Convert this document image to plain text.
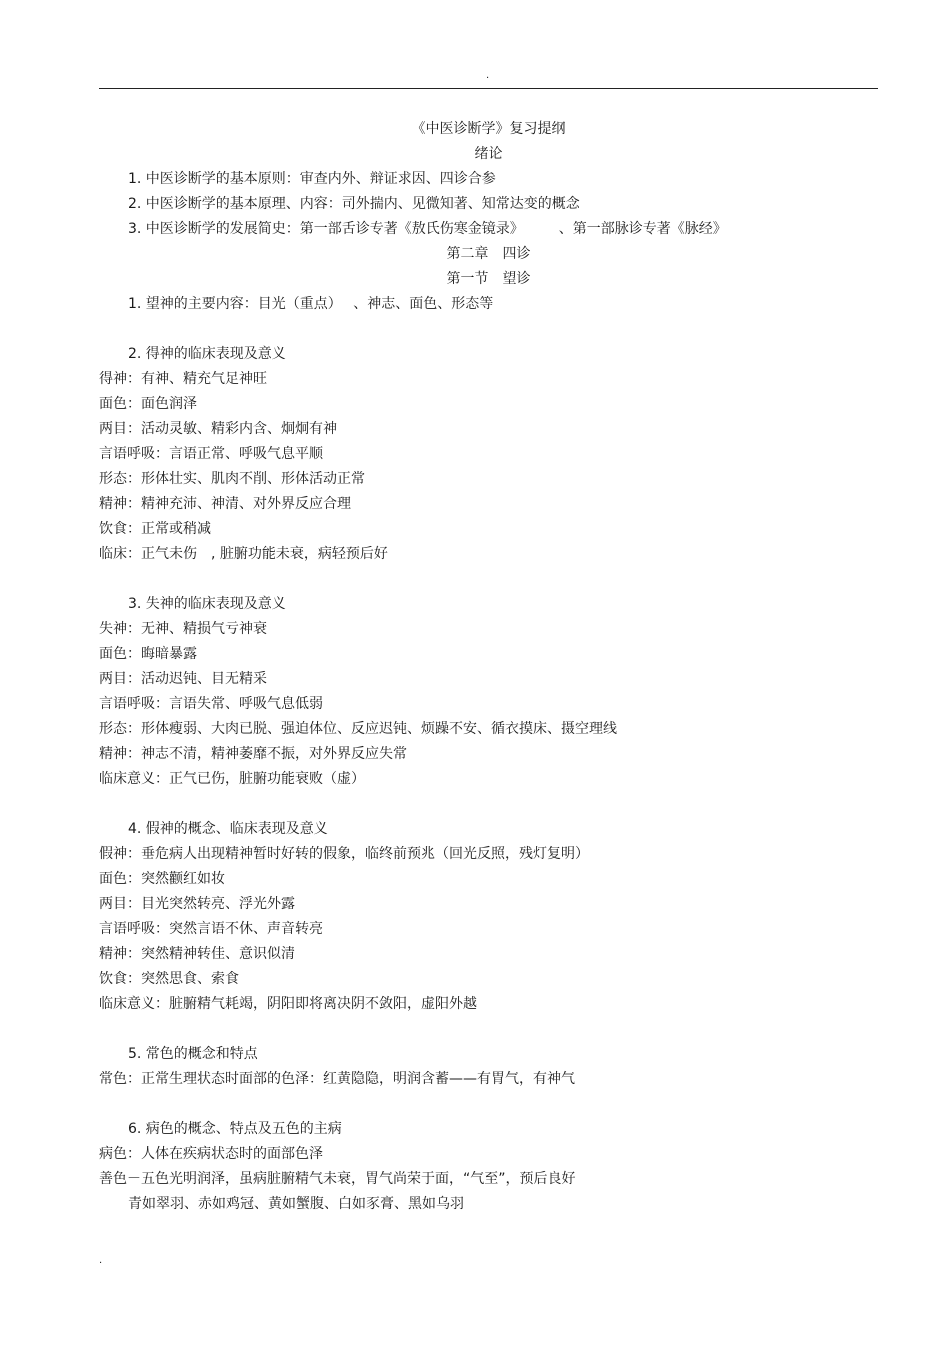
.
《中医诊断学》复习提纲
绪论
1. 中医诊断学的基本原则：审查内外、辩证求因、四诊合参
2. 中医诊断学的基本原理、内容：司外揣内、见微知著、知常达变的概念
3. 中医诊断学的发展简史：第一部舌诊专著《敖氏伤寒金镜录》　　　、第一部脉诊专著《脉经》
第二章　四诊
第一节　望诊
1. 望神的主要内容：目光（重点）　 、神志、面色、形态等
2. 得神的临床表现及意义
得神：有神、精充气足神旺
面色：面色润泽
两目：活动灵敏、精彩内含、炯炯有神
言语呼吸：言语正常、呼吸气息平顺
形态：形体壮实、肌肉不削、形体活动正常
精神：精神充沛、神清、对外界反应合理
饮食：正常或稍减
临床：正气未伤　, 脏腑功能未衰，病轻预后好
3. 失神的临床表现及意义
失神：无神、精损气亏神衰
面色：晦暗暴露
两目：活动迟钝、目无精采
言语呼吸：言语失常、呼吸气息低弱
形态：形体瘦弱、大肉已脱、强迫体位、反应迟钝、烦躁不安、循衣摸床、摄空理线
精神：神志不清，精神萎靡不振，对外界反应失常
临床意义：正气已伤，脏腑功能衰败（虚）
4. 假神的概念、临床表现及意义
假神：垂危病人出现精神暂时好转的假象，临终前预兆（回光反照，残灯复明）
面色：突然颧红如妆
两目：目光突然转亮、浮光外露
言语呼吸：突然言语不休、声音转亮
精神：突然精神转佳、意识似清
饮食：突然思食、索食
临床意义：脏腑精气耗竭，阴阳即将离决阴不敛阳，虚阳外越
5. 常色的概念和特点
常色：正常生理状态时面部的色泽：红黄隐隐，明润含蓄——有胃气，有神气
6. 病色的概念、特点及五色的主病
病色：人体在疾病状态时的面部色泽
善色－五色光明润泽，虽病脏腑精气未衰，胃气尚荣于面，“气至”，预后良好
青如翠羽、赤如鸡冠、黄如蟹腹、白如豕膏、黑如乌羽
.
